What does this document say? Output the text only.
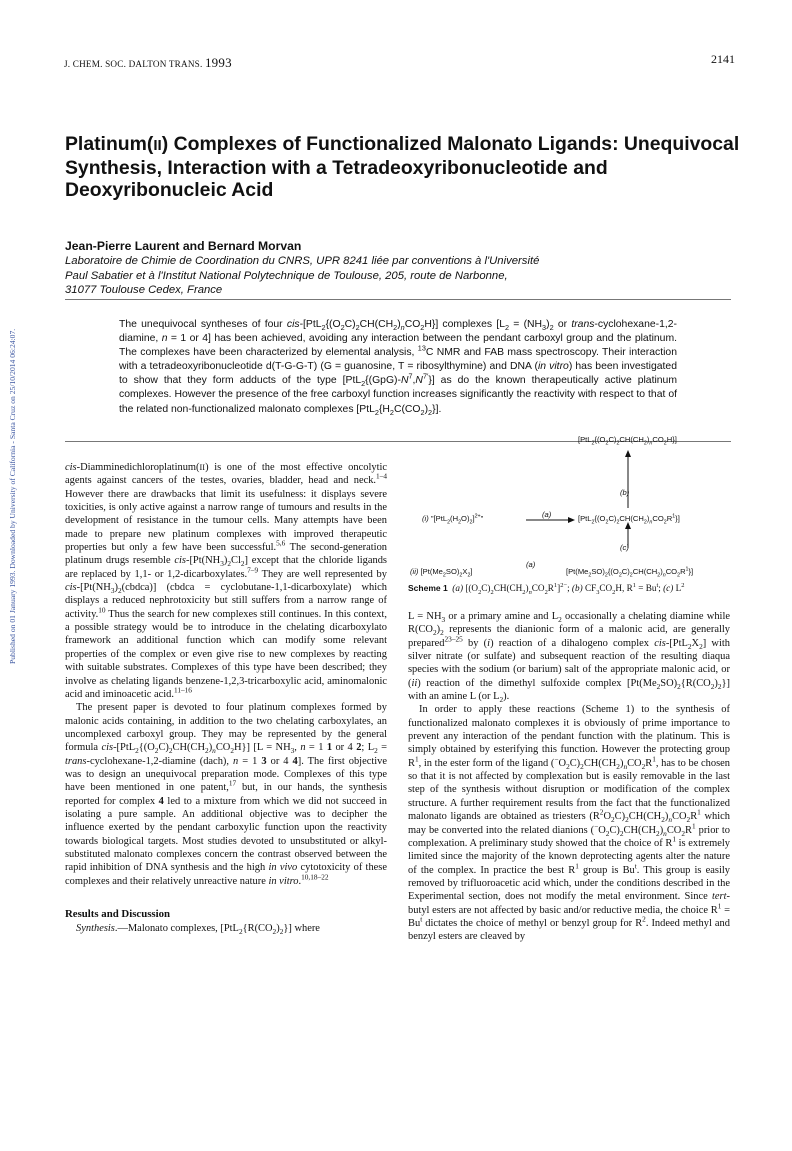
Published on 01 January 1993. Downloaded by University of California - Santa Cruz on 25/10/2014 06:24:07.
J. CHEM. SOC. DALTON TRANS. 1993	2141
Platinum(II) Complexes of Functionalized Malonato Ligands: Unequivocal Synthesis, Interaction with a Tetradeoxyribonucleotide and Deoxyribonucleic Acid
Jean-Pierre Laurent and Bernard Morvan
Laboratoire de Chimie de Coordination du CNRS, UPR 8241 liée par conventions à l'Université
Paul Sabatier et à l'Institut National Polytechnique de Toulouse, 205, route de Narbonne,
31077 Toulouse Cedex, France
The unequivocal syntheses of four cis-$[PtL_2\{(O_2C)_2CH(CH_2)_nCO_2H\}]$ complexes [$L_2 = (NH_3)_2$ or trans-cyclohexane-1,2-diamine, n = 1 or 4] has been achieved, avoiding any interaction between the pendant carboxyl group and the platinum. The complexes have been characterized by elemental analysis, $^{13}$C NMR and FAB mass spectroscopy. Their interaction with a tetradeoxyribonucleotide d(T-G-G-T) (G = guanosine, T = ribosylthymine) and DNA (in vitro) has been investigated to show that they form adducts of the type $[PtL_2\{(GpG)-N^7,N^{7'}\}]$ as do the known therapeutically active platinum complexes. However the presence of the free carboxyl function increases significantly the reactivity with respect to that of the related non-functionalized malonato complexes $[PtL_2\{H_2C(CO_2)_2\}]$.

cis-Diamminedichloroplatinum(II) is one of the most effective oncolytic agents against cancers of the testes, ovaries, bladder, head and neck.$^{1-4}$ However there are drawbacks that limit its usefulness: it displays severe toxicities, is only active against a narrow range of tumours and results in the development of resistance in the tumour cells. Many attempts have been made to prepare new platinum complexes with improved therapeutic properties but only a few have been successful.$^{5,6}$ The second-generation platinum drugs resemble cis-$[Pt(NH_3)_2Cl_2]$ except that the chloride ligands are replaced by 1,1- or 1,2-dicarboxylates.$^{7-9}$ They are well represented by cis-$[Pt(NH_3)_2(cbdca)]$ (cbdca = cyclobutane-1,1-dicarboxylate) which displays a reduced nephrotoxicity but still suffers from a narrow range of activity.$^{10}$ Thus the search for new complexes still continues. In this context, a possible strategy would be to introduce in the chelating dicarboxylato framework an additional function which can modify some relevant properties of the complex or even give rise to new complexes by reacting with suitable substrates. Complexes of this type have been described; they involve as chelating ligands benzene-1,2,3-tricarboxylic acid, aminomalonic acid and iminoacetic acid.$^{11-16}$

The present paper is devoted to four platinum complexes formed by malonic acids containing, in addition to the two chelating carboxylates, an uncomplexed carboxyl group. They may be represented by the general formula cis-$[PtL_2\{(O_2C)_2CH(CH_2)_nCO_2H\}] [L = NH_3$, n = 1 1 or 4 2; $L_2$ = trans-cyclohexane-1,2-diamine (dach), n = 1 3 or 4 4]. The first objective was to design an unequivocal preparation mode. Complexes of this type have been mentioned in one patent,$^{17}$ but, in our hands, the synthesis reported for complex 4 led to a mixture from which we did not succeed in isolating a pure sample. An additional objective was to decipher the influence exerted by the pendant carboxylic function upon the reactivity towards biological targets. Most studies devoted to unsubstituted or alkyl-substituted malonato complexes concern the contrast observed between the rapid inhibition of DNA synthesis and the high in vivo cytotoxicity of these complexes and their relatively unreactive nature in vitro.$^{10,18-22}$

Results and Discussion

Synthesis.—Malonato complexes, $[PtL_2\{R(CO_2)_2\}]$ where

$[PtL_2\{(O_2C)_2CH(CH_2)_nCO_2H\}]$
(b)
(i) "$[PtL_2(H_2O)_2]^{2+}$"	(a)	$[PtL_2\{(O_2C)_2CH(CH_2)_nCO_2R^1\}]$
(c)
(ii) $[Pt(Me_2SO)_2X_2]$
(a)
$[Pt(Me_2SO)_2\{(O_2C)_2CH(CH_2)_nCO_2R^1\}]$
Scheme 1 (a) $[(O_2C)_2CH(CH_2)_nCO_2R^1]^{2-}$; (b) $CF_3CO_2H$, $R^1 = Bu^t$; (c) $L^2$

$L = NH_3$ or a primary amine and $L_2$ occasionally a chelating diamine while $R(CO_2)_2$ represents the dianionic form of a malonic acid, are generally prepared$^{23-25}$ by (i) reaction of a dihalogeno complex cis-$[PtL_2X_2]$ with silver nitrate (or sulfate) and subsequent reaction of the resulting diaqua species with the sodium (or barium) salt of the appropriate malonic acid, or (ii) reaction of the dimethyl sulfoxide complex $[Pt(Me_2SO)_2\{R(CO_2)_2\}]$ with an amine L (or $L_2$).

In order to apply these reactions (Scheme 1) to the synthesis of functionalized malonato complexes it is obviously of prime importance to prevent any interaction of the pendant function with the platinum. This is simply obtained by esterifying this function. However the protecting group $R^1$, in the ester form of the ligand $(^-O_2C)_2CH(CH_2)_nCO_2R^1$, has to be chosen so that it is not affected by complexation but is easily removable in the last step of the synthesis without disruption or modification of the complex structure. A further requirement results from the fact that the functionalized malonato ligands are obtained as triesters $(R^2O_2C)_2CH(CH_2)_nCO_2R^1$ which may be converted into the related dianions $(^-O_2C)_2CH(CH_2)_nCO_2R^1$ prior to complexation. A preliminary study showed that the choice of $R^1$ is extremely limited since the majority of the known deprotecting agents alter the nature of the complex. In practice the best $R^1$ group is Bu$^t$. This group is easily removed by trifluoroacetic acid which, under the conditions described in the Experimental section, does not modify the metal environment. Since tert-butyl esters are not affected by basic and/or reductive media, the choice $R^1 = Bu^t$ dictates the choice of methyl or benzyl group for $R^2$. Indeed methyl and benzyl esters are cleaved by
